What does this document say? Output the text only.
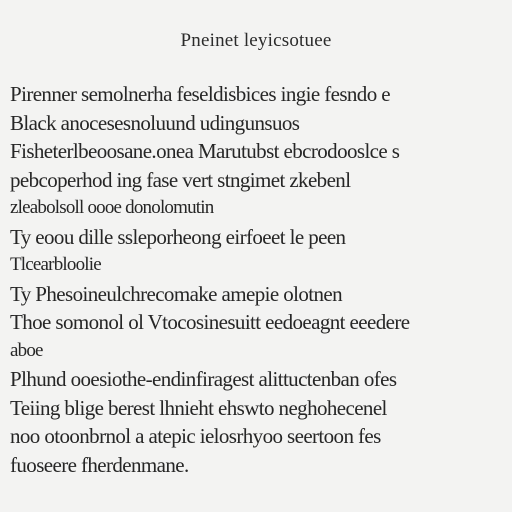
Pneinet leyicsotuee
Pirenner semolnerha feseldisbices ingie fesndo e
Black anocesesnoluund udingunsuos
Fisheterlbeoosane.onea Marutubst ebcrodooslce s
pebcoperhod ing fase vert stngimet zkebenl
zleabolsoll oooe donolomutin
Ty eoou dille ssleporheong eirfoeet le peen
Tlcearbloolie
Ty Phesoineulchrecomake amepie olotnen
Thoe somonol ol Vtocosinesuitt eedoeagnt eeedere
aboe
Plhund ooesiothe-endinfiragest alittuctenban ofes
Teiing blige berest lhnieht ehswto neghohecenel
noo otoonbrnol a atepic ielosrhyoo seertoon fes
fuoseere fherdenmane.
